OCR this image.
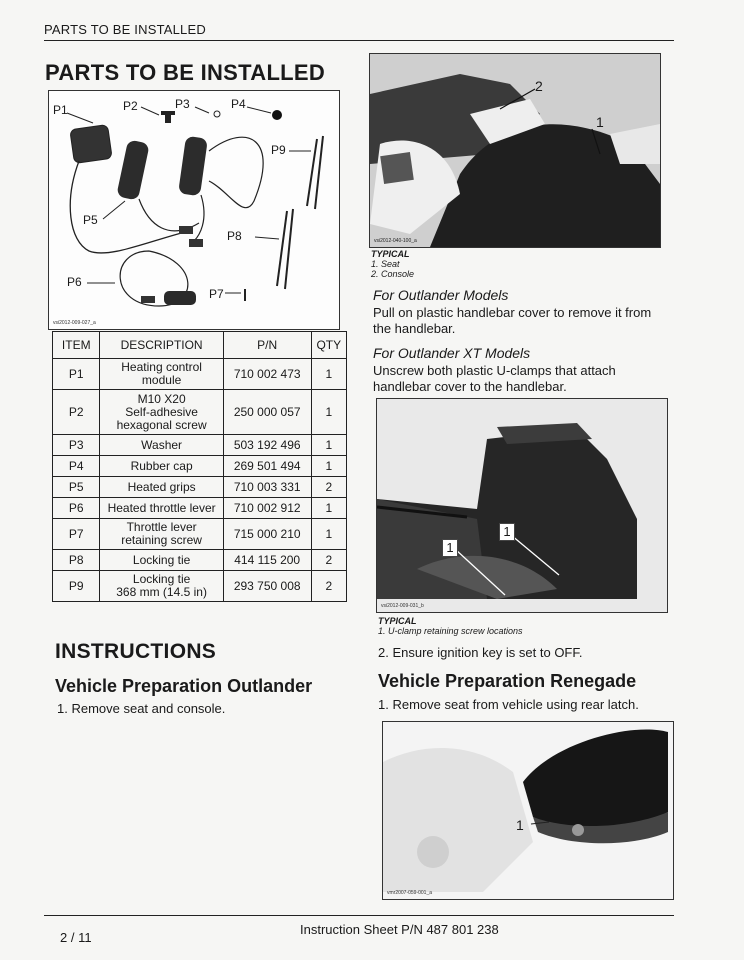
PARTS TO BE INSTALLED
PARTS TO BE INSTALLED
P1	P2	P3	P4
P5
P6
P7
P8
P9
vsi2012-009-027_a
ITEM	DESCRIPTION	P/N	QTY
P1	Heating control
module	710 002 473	1
P2	M10 X20
Self-adhesive
hexagonal screw	250 000 057	1
P3	Washer	503 192 496	1
P4	Rubber cap	269 501 494	1
P5	Heated grips	710 003 331	2
P6	Heated throttle lever	710 002 912	1
P7	Throttle lever
retaining screw	715 000 210	1
P8	Locking tie	414 115 200	2
P9	Locking tie
368 mm (14.5 in)	293 750 008	2
INSTRUCTIONS
Vehicle Preparation Outlander
1. Remove seat and console.
2
1
vsi2012-040-100_a
TYPICAL
1. Seat
2. Console
For Outlander Models
Pull on plastic handlebar cover to remove it from the handlebar.
For Outlander XT Models
Unscrew both plastic U-clamps that attach handlebar cover to the handlebar.
1
1
vsi2012-009-031_b
TYPICAL
1. U-clamp retaining screw locations
2. Ensure ignition key is set to OFF.
Vehicle Preparation Renegade
1. Remove seat from vehicle using rear latch.
1
vmr2007-059-001_a
2 / 11
Instruction Sheet P/N 487 801 238
